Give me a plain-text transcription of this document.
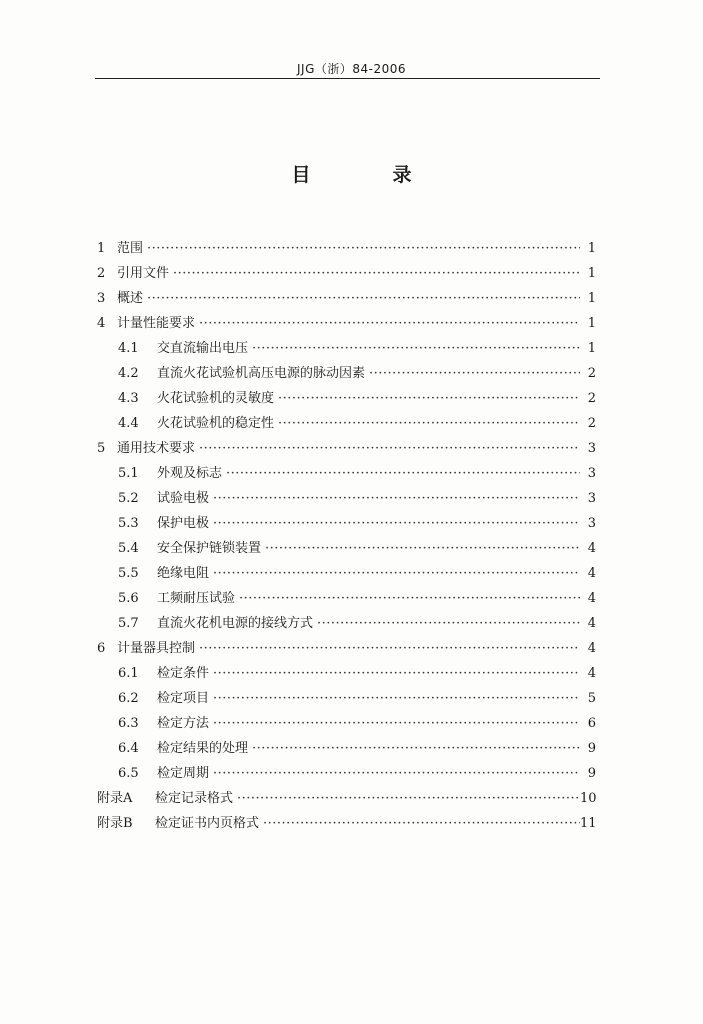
JJG（浙）84-2006
目	录
1 范围 ·····	1
2 引用文件 ·····	1
3 概述 ·····	1
4 计量性能要求 ·····	1
4.1	交直流输出电压 ·····	1
4.2	直流火花试验机高压电源的脉动因素 ·····	2
4.3	火花试验机的灵敏度 ·····	2
4.4	火花试验机的稳定性 ·····	2
5 通用技术要求 ·····	3
5.1	外观及标志 ·····	3
5.2	试验电极 ·····	3
5.3	保护电极 ·····	3
5.4	安全保护链锁装置 ·····	4
5.5	绝缘电阻 ·····	4
5.6	工频耐压试验 ·····	4
5.7	直流火花机电源的接线方式 ·····	4
6 计量器具控制 ·····	4
6.1	检定条件 ·····	4
6.2	检定项目 ·····	5
6.3	检定方法 ·····	6
6.4	检定结果的处理 ·····	9
6.5	检定周期 ·····	9
附录A	检定记录格式 ·····	10
附录B	检定证书内页格式 ·····	11
